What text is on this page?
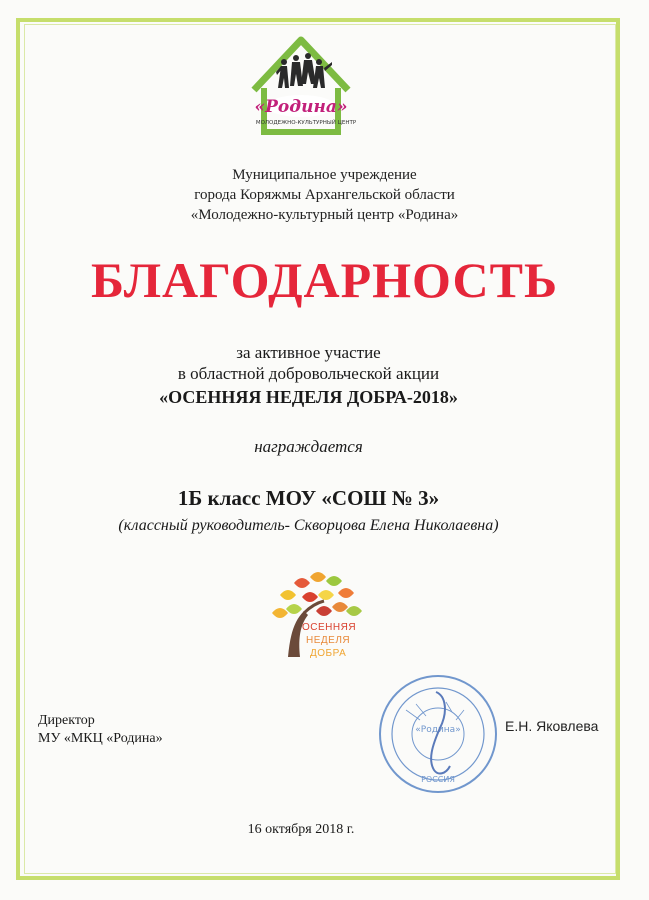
«Родина»
МОЛОДЕЖНО-КУЛЬТУРНЫЙ ЦЕНТР
Муниципальное учреждение
города Коряжмы Архангельской области
«Молодежно-культурный центр «Родина»
БЛАГОДАРНОСТЬ
за активное участие
в областной добровольческой акции
«ОСЕННЯЯ НЕДЕЛЯ ДОБРА-2018»
награждается
1Б класс МОУ «СОШ № 3»
(классный руководитель- Скворцова Елена Николаевна)
ОСЕННЯЯ
НЕДЕЛЯ
ДОБРА
Директор
МУ «МКЦ «Родина»
«Родина»
РОССИЯ
Е.Н. Яковлева
16 октября 2018 г.
